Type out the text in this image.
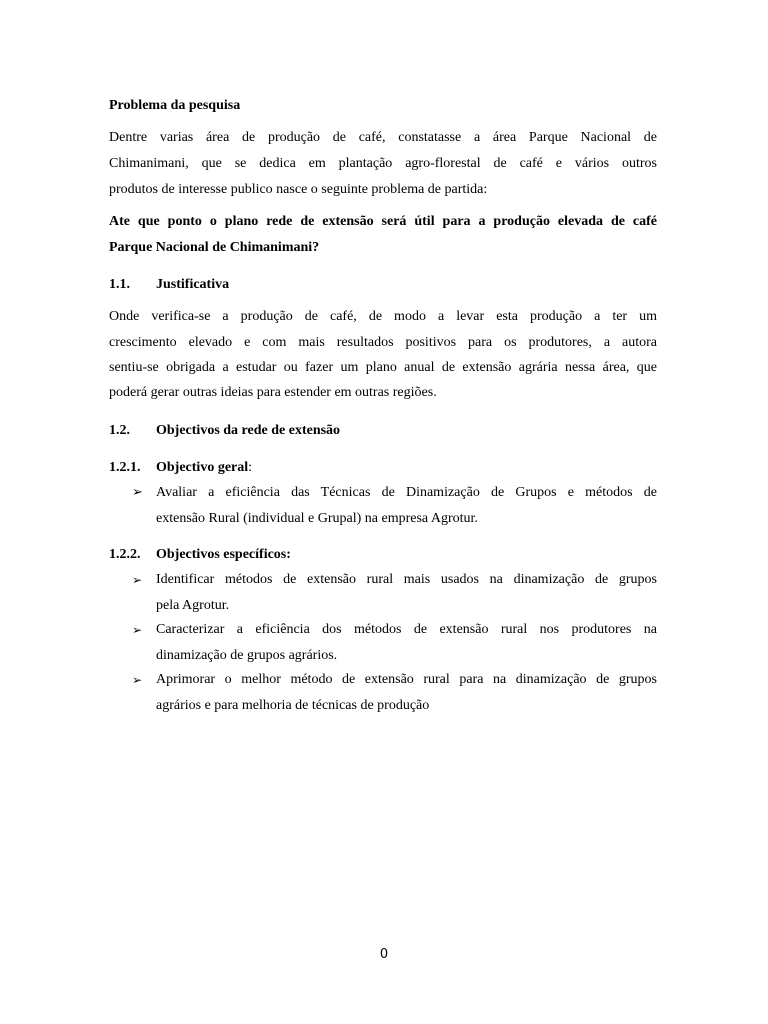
Problema da pesquisa

Dentre varias área de produção de café, constatasse a área Parque Nacional de

Chimanimani, que se dedica em plantação agro-florestal de café e vários outros

produtos de interesse publico nasce o seguinte problema de partida:

Ate que ponto o plano rede de extensão será útil para a produção elevada de café

Parque Nacional de Chimanimani?

1.1. Justificativa

Onde verifica-se a produção de café, de modo a levar esta produção a ter um

crescimento elevado e com mais resultados positivos para os produtores, a autora

sentiu-se obrigada a estudar ou fazer um plano anual de extensão agrária nessa área, que

poderá gerar outras ideias para estender em outras regiões.

1.2. Objectivos da rede de extensão

1.2.1. Objectivo geral:

➢ Avaliar a eficiência das Técnicas de Dinamização de Grupos e métodos de

extensão Rural (individual e Grupal) na empresa Agrotur.

1.2.2. Objectivos específicos:

➢ Identificar métodos de extensão rural mais usados na dinamização de grupos

pela Agrotur.

➢ Caracterizar a eficiência dos métodos de extensão rural nos produtores na

dinamização de grupos agrários.

➢ Aprimorar o melhor método de extensão rural para na dinamização de grupos

agrários e para melhoria de técnicas de produção

0
